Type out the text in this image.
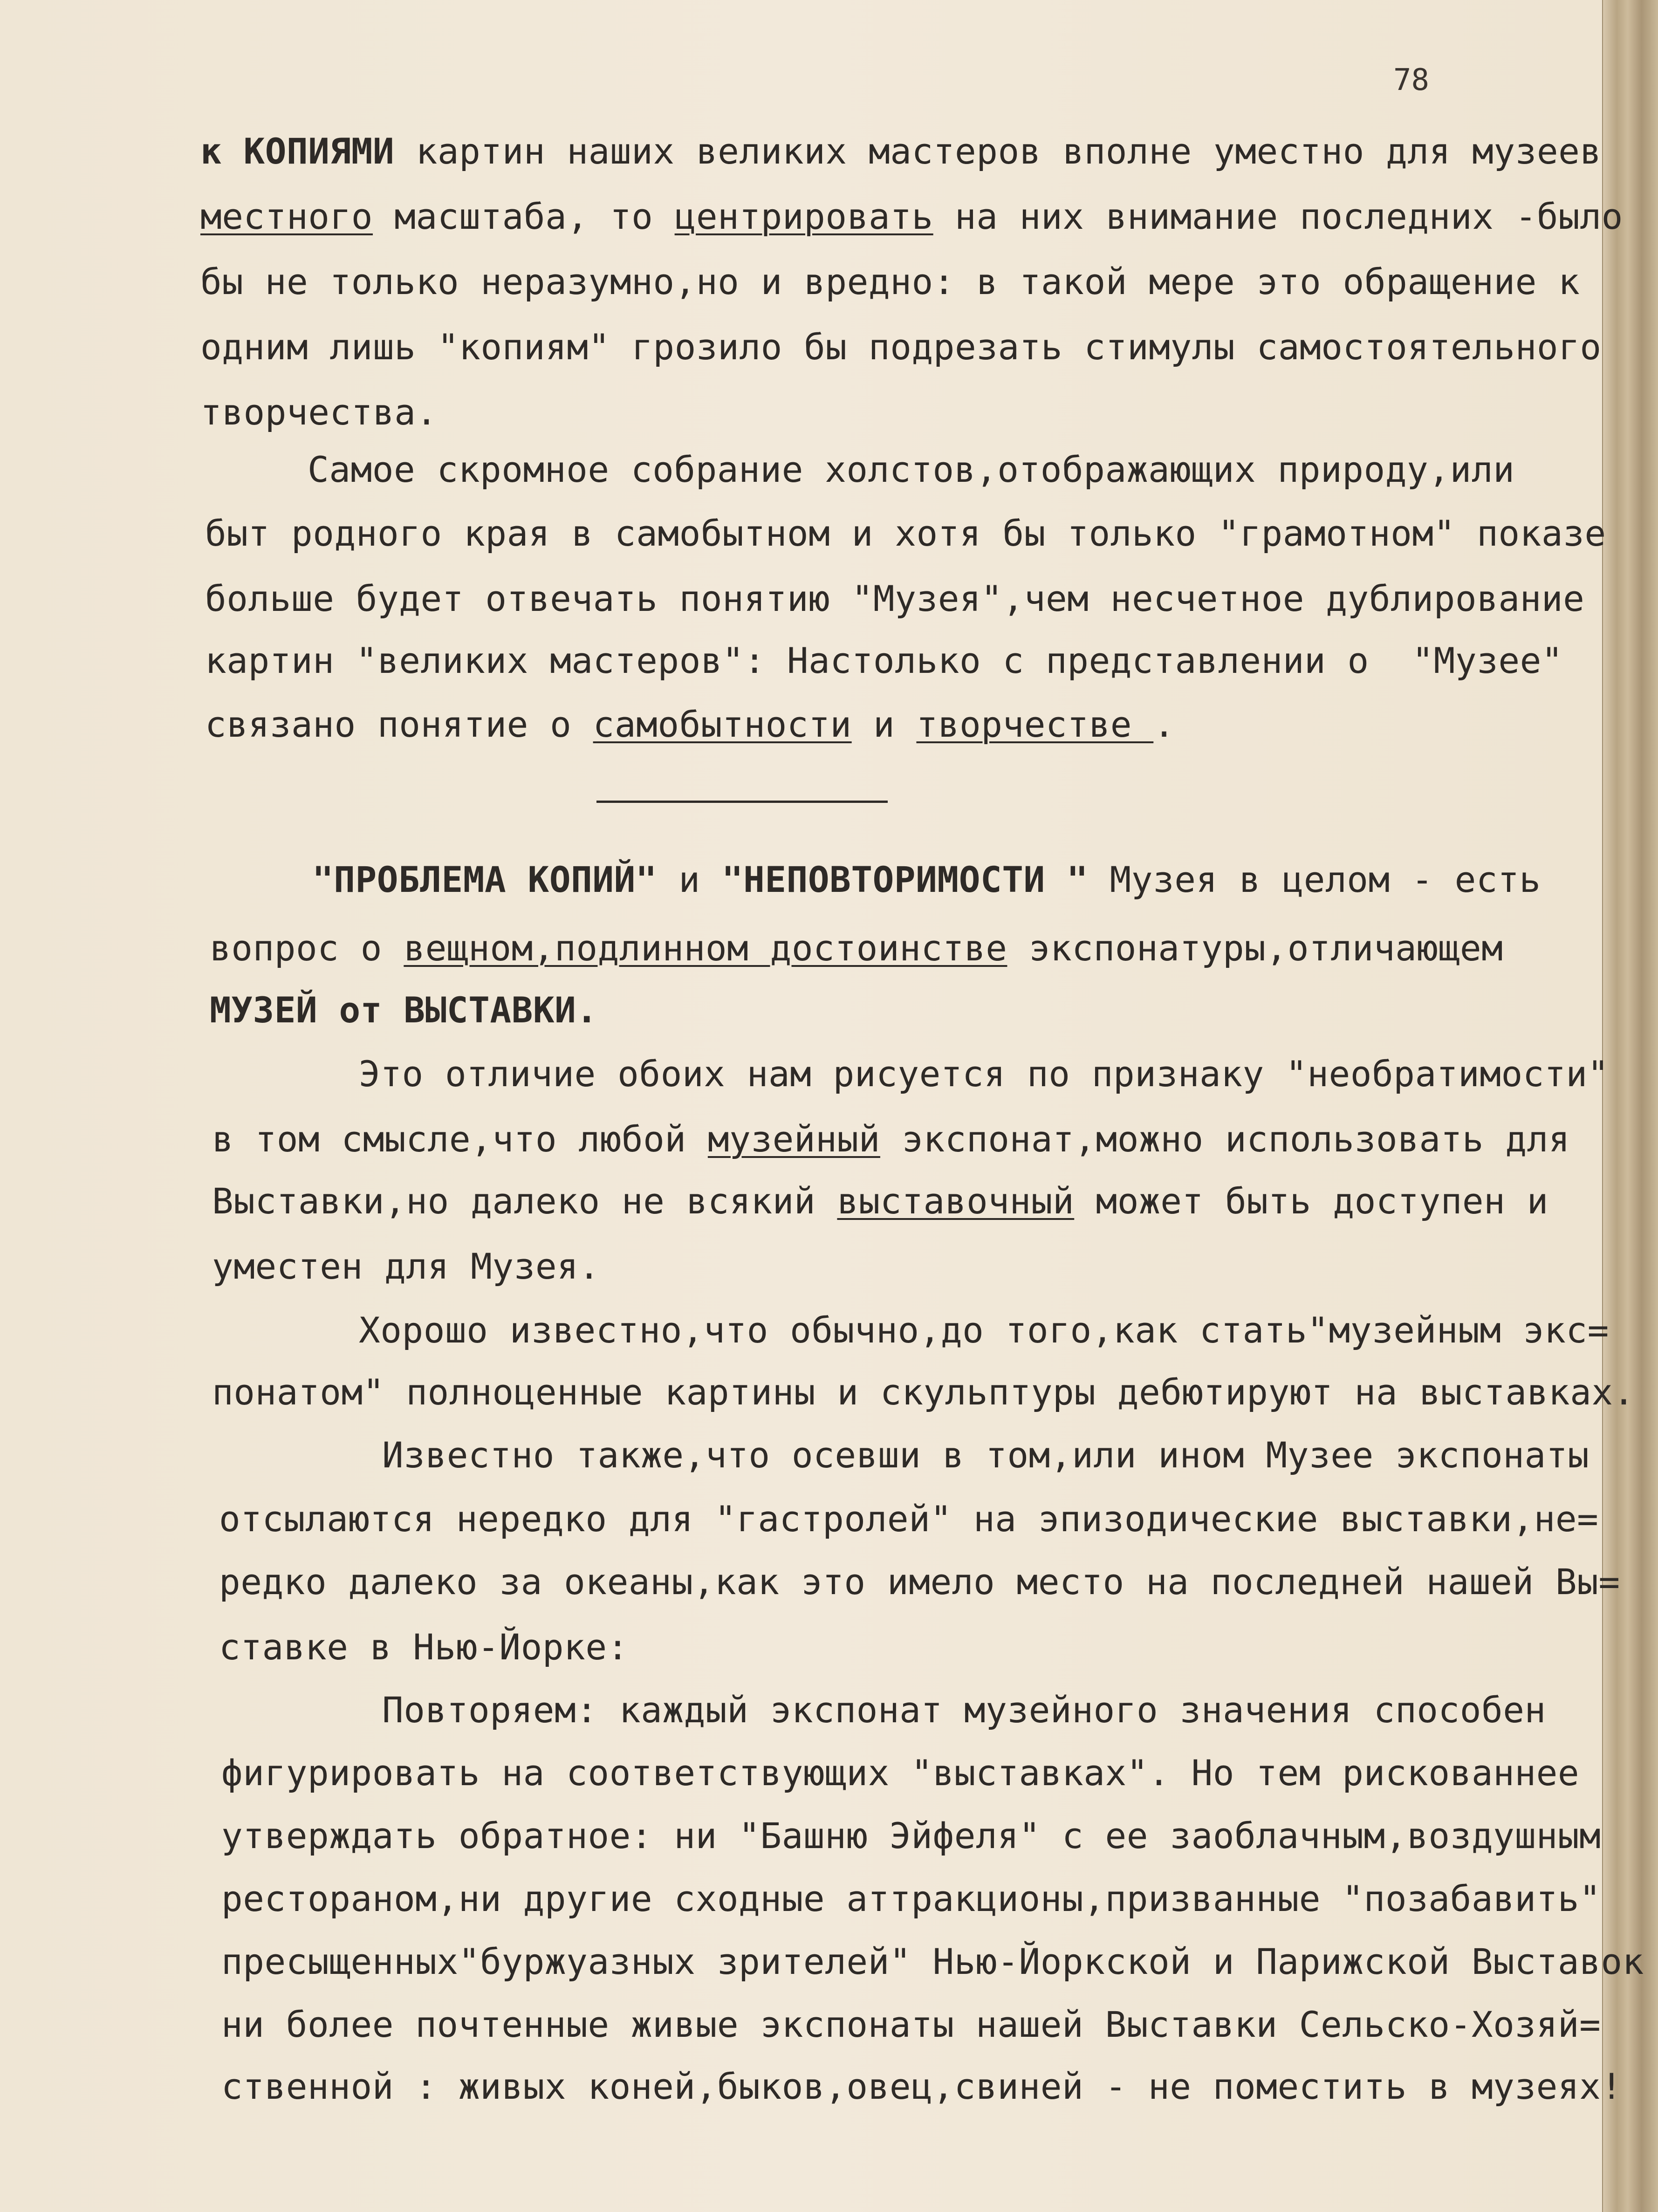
78
к КОПИЯМИ картин наших великих мастеров вполне уместно для музеев
местного масштаба, то центрировать на них внимание последних -было
бы не только неразумно,но и вредно: в такой мере это обращение к
одним лишь "копиям" грозило бы подрезать стимулы самостоятельного
творчества.
Самое скромное собрание холстов,отображающих природу,или
быт родного края в самобытном и хотя бы только "грамотном" показе
больше будет отвечать понятию "Музея",чем несчетное дублирование
картин "великих мастеров": Настолько с представлении о  "Музее"
связано понятие о самобытности и творчестве .
"ПРОБЛЕМА КОПИЙ" и "НЕПОВТОРИМОСТИ " Музея в целом - есть
вопрос о вещном,подлинном достоинстве экспонатуры,отличающем
МУЗЕЙ от ВЫСТАВКИ.
Это отличие обоих нам рисуется по признаку "необратимости"
в том смысле,что любой музейный экспонат,можно использовать для
Выставки,но далеко не всякий выставочный может быть доступен и
уместен для Музея.
Хорошо известно,что обычно,до того,как стать"музейным экс=
понатом" полноценные картины и скульптуры дебютируют на выставках.
Известно также,что осевши в том,или ином Музее экспонаты
отсылаются нередко для "гастролей" на эпизодические выставки,не=
редко далеко за океаны,как это имело место на последней нашей Вы=
ставке в Нью-Йорке:
Повторяем: каждый экспонат музейного значения способен
фигурировать на соответствующих "выставках". Но тем рискованнее
утверждать обратное: ни "Башню Эйфеля" с ее заоблачным,воздушным
рестораном,ни другие сходные аттракционы,призванные "позабавить"
пресыщенных"буржуазных зрителей" Нью-Йоркской и Парижской Выставок
ни более почтенные живые экспонаты нашей Выставки Сельско-Хозяй=
ственной : живых коней,быков,овец,свиней - не поместить в музеях!
